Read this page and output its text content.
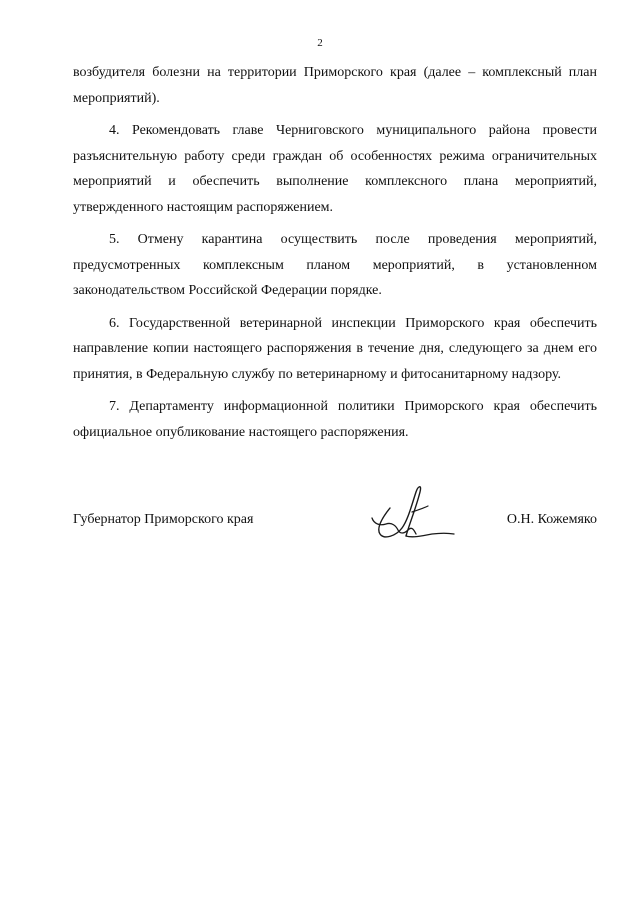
2

возбудителя болезни на территории Приморского края (далее – комплексный план мероприятий).

4. Рекомендовать главе Черниговского муниципального района провести разъяснительную работу среди граждан об особенностях режима ограничительных мероприятий и обеспечить выполнение комплексного плана мероприятий, утвержденного настоящим распоряжением.

5. Отмену карантина осуществить после проведения мероприятий, предусмотренных комплексным планом мероприятий, в установленном законодательством Российской Федерации порядке.

6. Государственной ветеринарной инспекции Приморского края обеспечить направление копии настоящего распоряжения в течение дня, следующего за днем его принятия, в Федеральную службу по ветеринарному и фитосанитарному надзору.

7. Департаменту информационной политики Приморского края обеспечить официальное опубликование настоящего распоряжения.

Губернатор Приморского края	О.Н. Кожемяко
